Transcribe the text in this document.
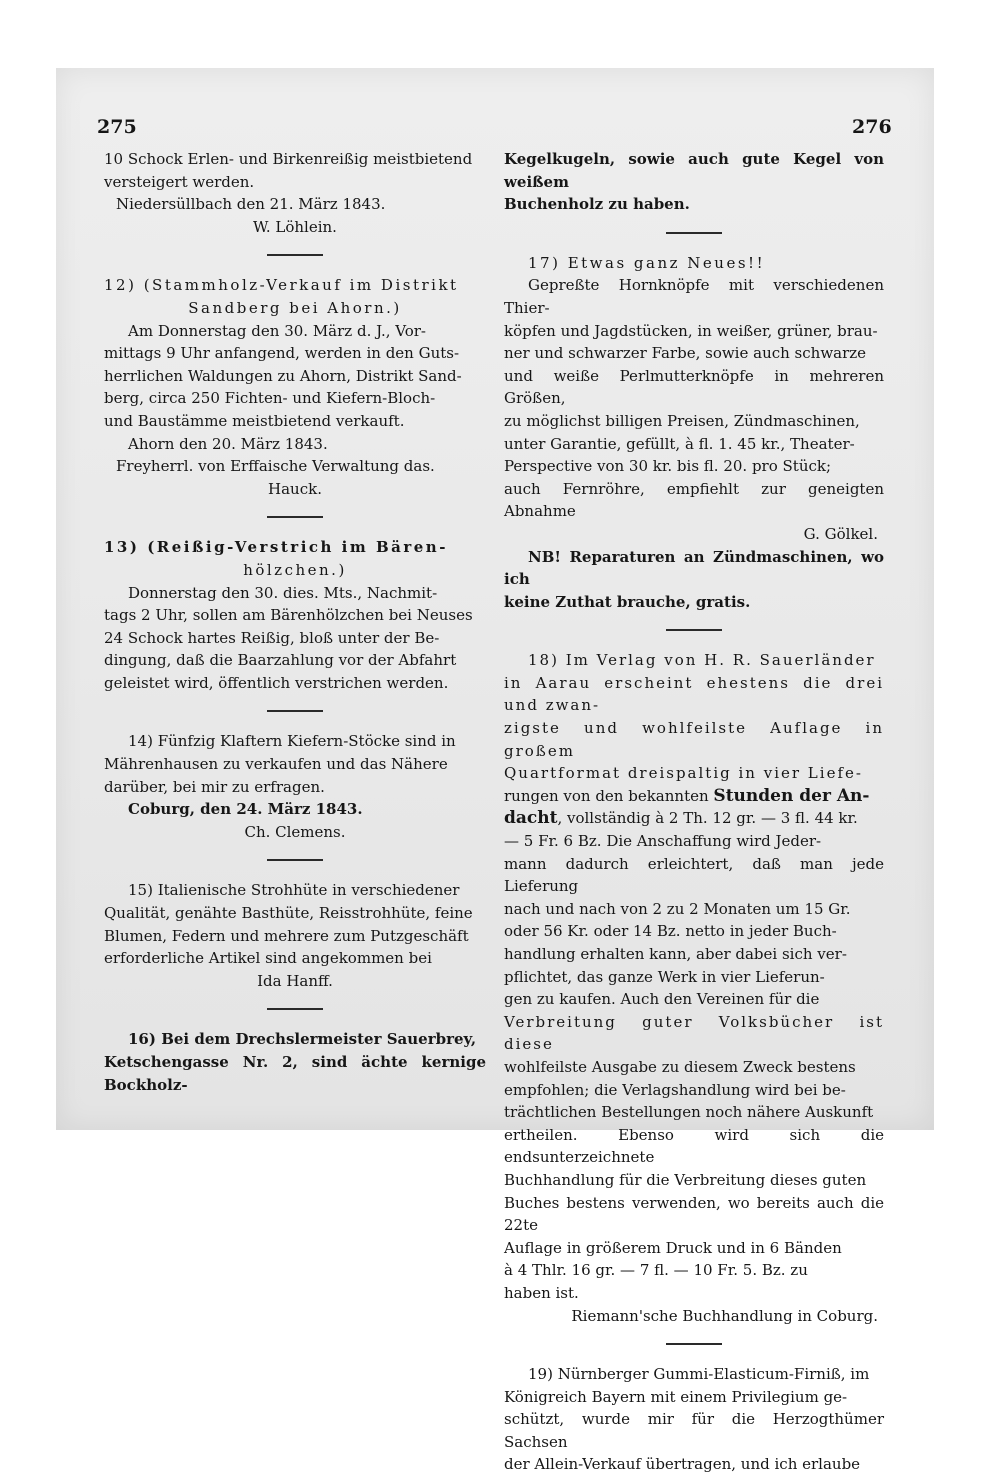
275	276

10 Schock Erlen- und Birkenreißig meistbietend

versteigert werden.

Niedersüllbach den 21. März 1843.

W. Löhlein.

12) (Stammholz-Verkauf im Distrikt

Sandberg bei Ahorn.)

Am Donnerstag den 30. März d. J., Vor-

mittags 9 Uhr anfangend, werden in den Guts-

herrlichen Waldungen zu Ahorn, Distrikt Sand-

berg, circa 250 Fichten- und Kiefern-Bloch-

und Baustämme meistbietend verkauft.

Ahorn den 20. März 1843.

Freyherrl. von Erffaische Verwaltung das.

Hauck.

13) (Reißig-Verstrich im Bären-

hölzchen.)

Donnerstag den 30. dies. Mts., Nachmit-

tags 2 Uhr, sollen am Bärenhölzchen bei Neuses

24 Schock hartes Reißig, bloß unter der Be-

dingung, daß die Baarzahlung vor der Abfahrt

geleistet wird, öffentlich verstrichen werden.

14) Fünfzig Klaftern Kiefern-Stöcke sind in

Mährenhausen zu verkaufen und das Nähere

darüber, bei mir zu erfragen.

Coburg, den 24. März 1843.

Ch. Clemens.

15) Italienische Strohhüte in verschiedener

Qualität, genähte Basthüte, Reisstrohhüte, feine

Blumen, Federn und mehrere zum Putzgeschäft

erforderliche Artikel sind angekommen bei

Ida Hanff.

16) Bei dem Drechslermeister Sauerbrey,

Ketschengasse Nr. 2, sind ächte kernige Bockholz-

Kegelkugeln, sowie auch gute Kegel von weißem

Buchenholz zu haben.

17) Etwas ganz Neues!!

Gepreßte Hornknöpfe mit verschiedenen Thier-

köpfen und Jagdstücken, in weißer, grüner, brau-

ner und schwarzer Farbe, sowie auch schwarze

und weiße Perlmutterknöpfe in mehreren Größen,

zu möglichst billigen Preisen, Zündmaschinen,

unter Garantie, gefüllt, à fl. 1. 45 kr., Theater-

Perspective von 30 kr. bis fl. 20. pro Stück;

auch Fernröhre, empfiehlt zur geneigten Abnahme

G. Gölkel.

NB! Reparaturen an Zündmaschinen, wo ich

keine Zuthat brauche, gratis.

18) Im Verlag von H. R. Sauerländer

in Aarau erscheint ehestens die drei und zwan-

zigste und wohlfeilste Auflage in großem

Quartformat dreispaltig in vier Liefe-

rungen von den bekannten Stunden der An-

dacht, vollständig à 2 Th. 12 gr. — 3 fl. 44 kr.

— 5 Fr. 6 Bz. Die Anschaffung wird Jeder-

mann dadurch erleichtert, daß man jede Lieferung

nach und nach von 2 zu 2 Monaten um 15 Gr.

oder 56 Kr. oder 14 Bz. netto in jeder Buch-

handlung erhalten kann, aber dabei sich ver-

pflichtet, das ganze Werk in vier Lieferun-

gen zu kaufen. Auch den Vereinen für die

Verbreitung guter Volksbücher ist diese

wohlfeilste Ausgabe zu diesem Zweck bestens

empfohlen; die Verlagshandlung wird bei be-

trächtlichen Bestellungen noch nähere Auskunft

ertheilen. Ebenso wird sich die endsunterzeichnete

Buchhandlung für die Verbreitung dieses guten

Buches bestens verwenden, wo bereits auch die 22te

Auflage in größerem Druck und in 6 Bänden

à 4 Thlr. 16 gr. — 7 fl. — 10 Fr. 5. Bz. zu

haben ist.

Riemann'sche Buchhandlung in Coburg.

19) Nürnberger Gummi-Elasticum-Firniß, im

Königreich Bayern mit einem Privilegium ge-

schützt, wurde mir für die Herzogthümer Sachsen

der Allein-Verkauf übertragen, und ich erlaube
